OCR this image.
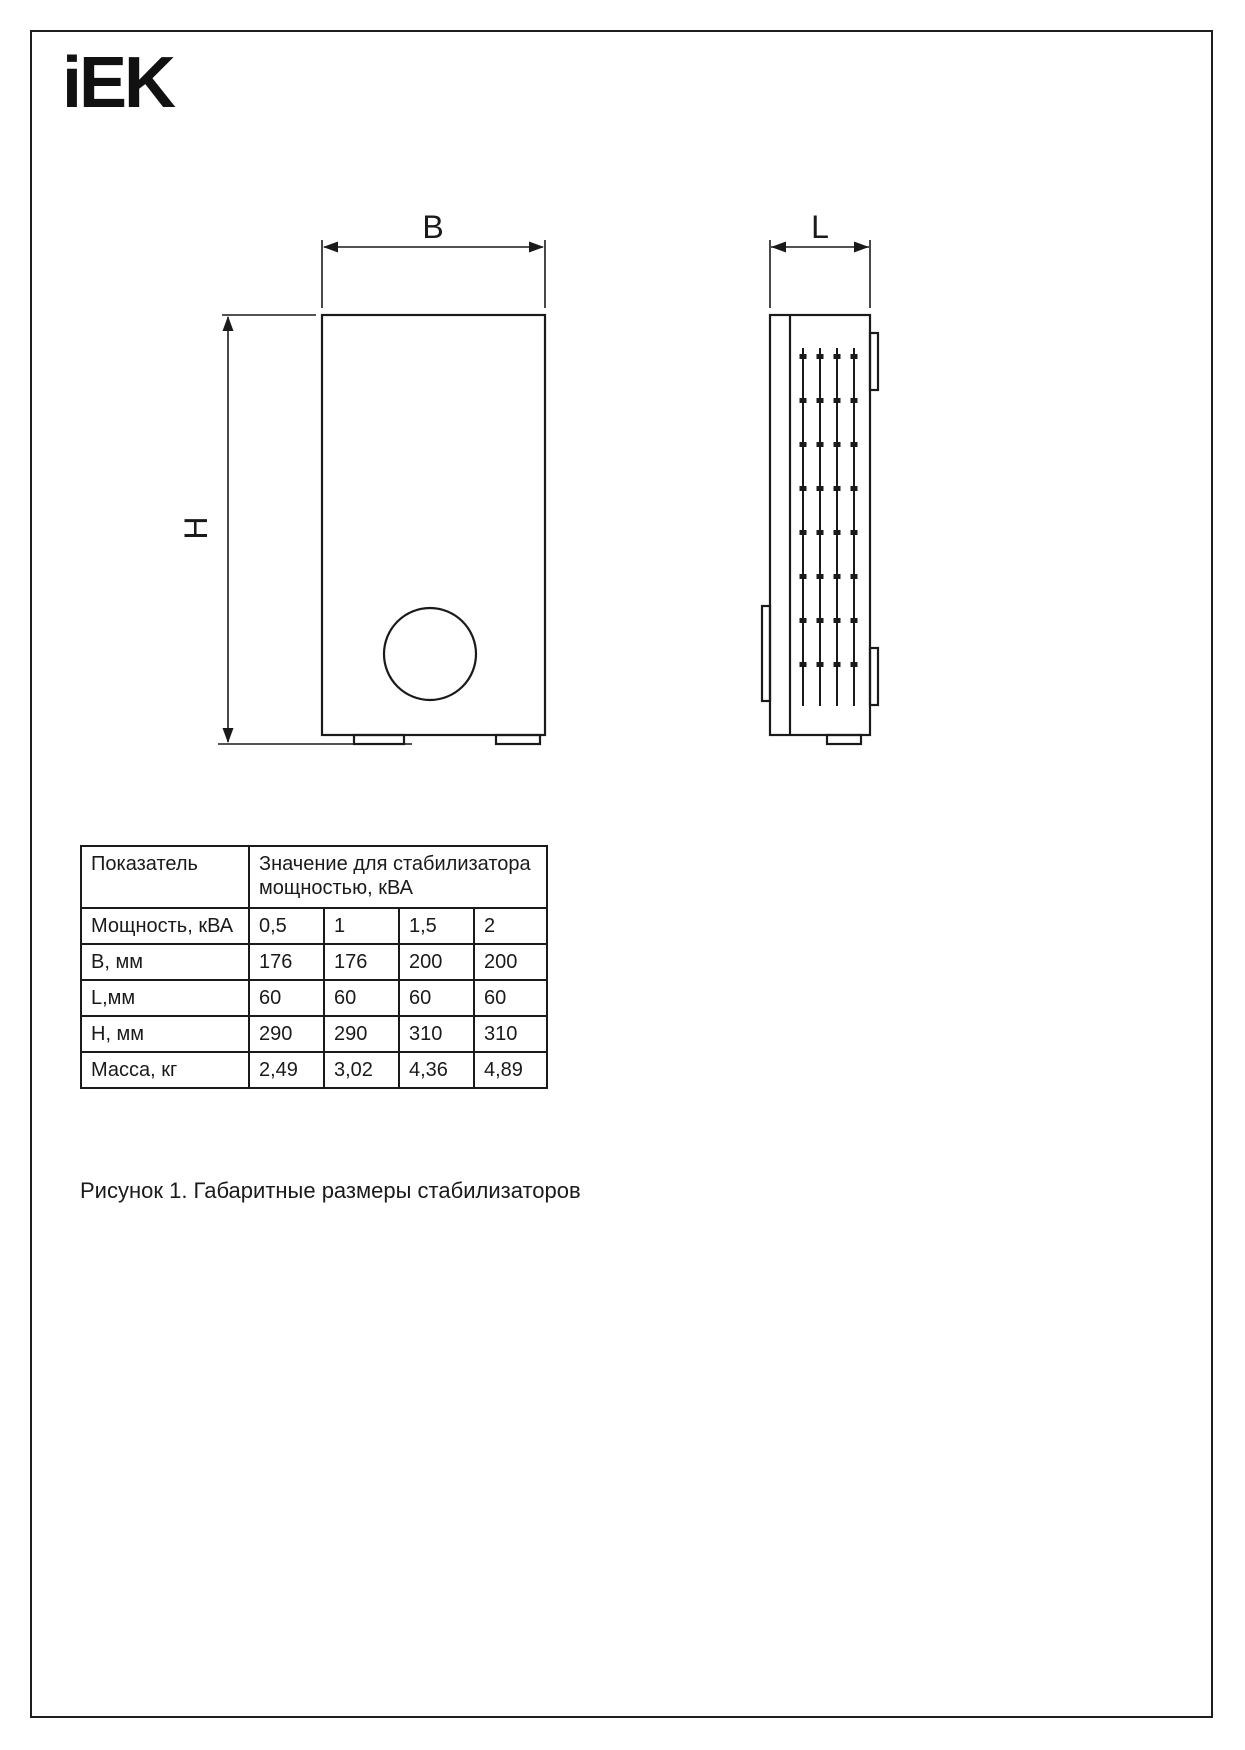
iEK
B
H
L
Показатель	Значение для стабилизатора мощностью, кВА			
Мощность, кВА	0,5	1	1,5	2
В, мм	176	176	200	200
L,мм	60	60	60	60
Н, мм	290	290	310	310
Масса, кг	2,49	3,02	4,36	4,89
Рисунок 1. Габаритные размеры стабилизаторов
